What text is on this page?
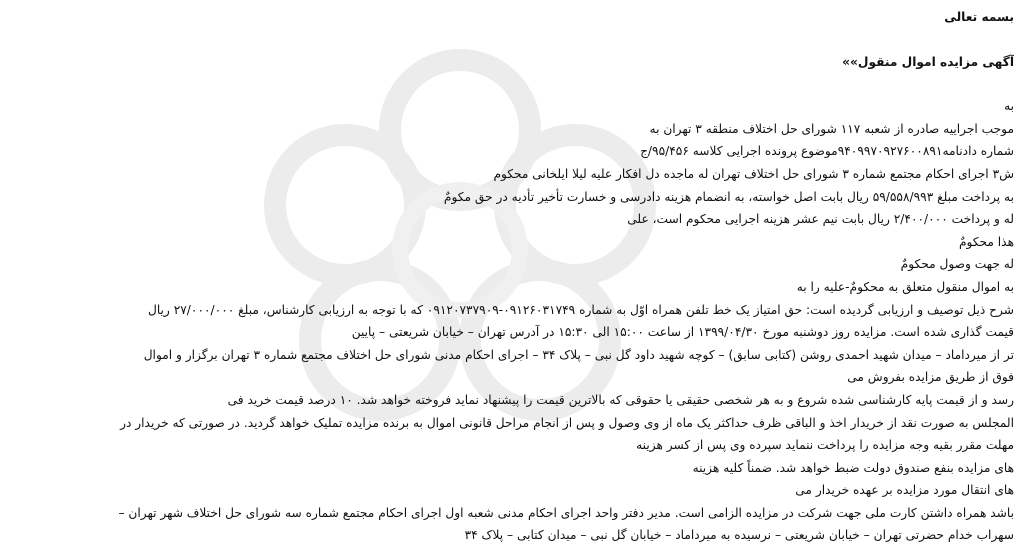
بسمه تعالی
آگهی مزایده اموال منقول»»
به
موجب اجراییه صادره از شعبه ۱۱۷ شورای حل اختلاف منطقه ۳ تهران به
شماره دادنامه۹۴۰۹۹۷۰۹۲۷۶۰۰۸۹۱موضوع پرونده اجرایی کلاسه ۹۵/۴۵۶/ج
ش۳ اجرای احکام مجتمع شماره ۳ شورای حل اختلاف تهران له ماجده دل افکار علیه لیلا ایلخانی محکوم
به پرداخت مبلغ ۵۹/۵۵۸/۹۹۳ ریال بابت اصل خواسته، به انضمام هزینه دادرسی و خسارت تأخیر تأدیه در حق مکومٌ
له و پرداخت ۲/۴۰۰/۰۰۰ ریال بابت نیم عشر هزینه اجرایی محکوم است، علی
هذا محکومٌ
له جهت وصول محکومٌ
به اموال منقول متعلق به محکومٌ-علیه را به
شرح ذیل توصیف و ارزیابی گردیده است: حق امتیاز یک خط تلفن همراه اوّل به شماره ۰۹۱۲۶۰۳۱۷۴۹-۰۹۱۲۰۷۳۷۹۰۹ که با توجه به ارزیابی کارشناس، مبلغ ۲۷/۰۰۰/۰۰۰ ریال
قیمت گذاری شده است. مزایده روز دوشنبه مورخ ۱۳۹۹/۰۴/۳۰ از ساعت ۱۵:۰۰ الی ۱۵:۳۰ در آدرس تهران – خیابان شریعتی – پایین
تر از میرداماد – میدان شهید احمدی روشن (کتابی سابق) – کوچه شهید داود گل نبی – پلاک ۳۴ – اجرای احکام مدنی شورای حل اختلاف مجتمع شماره ۳ تهران برگزار و اموال
فوق از طریق مزایده بفروش می
رسد و از قیمت پایه کارشناسی شده شروع و به هر شخصی حقیقی یا حقوقی که بالاترین قیمت را پیشنهاد نماید فروخته خواهد شد. ۱۰ درصد قیمت خرید فی
المجلس به صورت نقد از خریدار اخذ و الباقی ظرف حداکثر یک ماه از وی وصول و پس از انجام مراحل قانونی اموال به برنده مزایده تملیک خواهد گردید. در صورتی که خریدار در
مهلت مقرر بقیه وجه مزایده را پرداخت ننماید سپرده وی پس از کسر هزینه
های مزایده بنفع صندوق دولت ضبط خواهد شد. ضمناً کلیه هزینه
های انتقال مورد مزایده بر عهده خریدار می
باشد همراه داشتن کارت ملی جهت شرکت در مزایده الزامی است. مدیر دفتر واحد اجرای احکام مدنی شعبه اول اجرای احکام مجتمع شماره سه شورای حل اختلاف شهر تهران –
سهراب خدام حضرتی تهران – خیابان شریعتی – نرسیده به میرداماد – خیابان گل نبی – میدان کتابی – پلاک ۳۴
